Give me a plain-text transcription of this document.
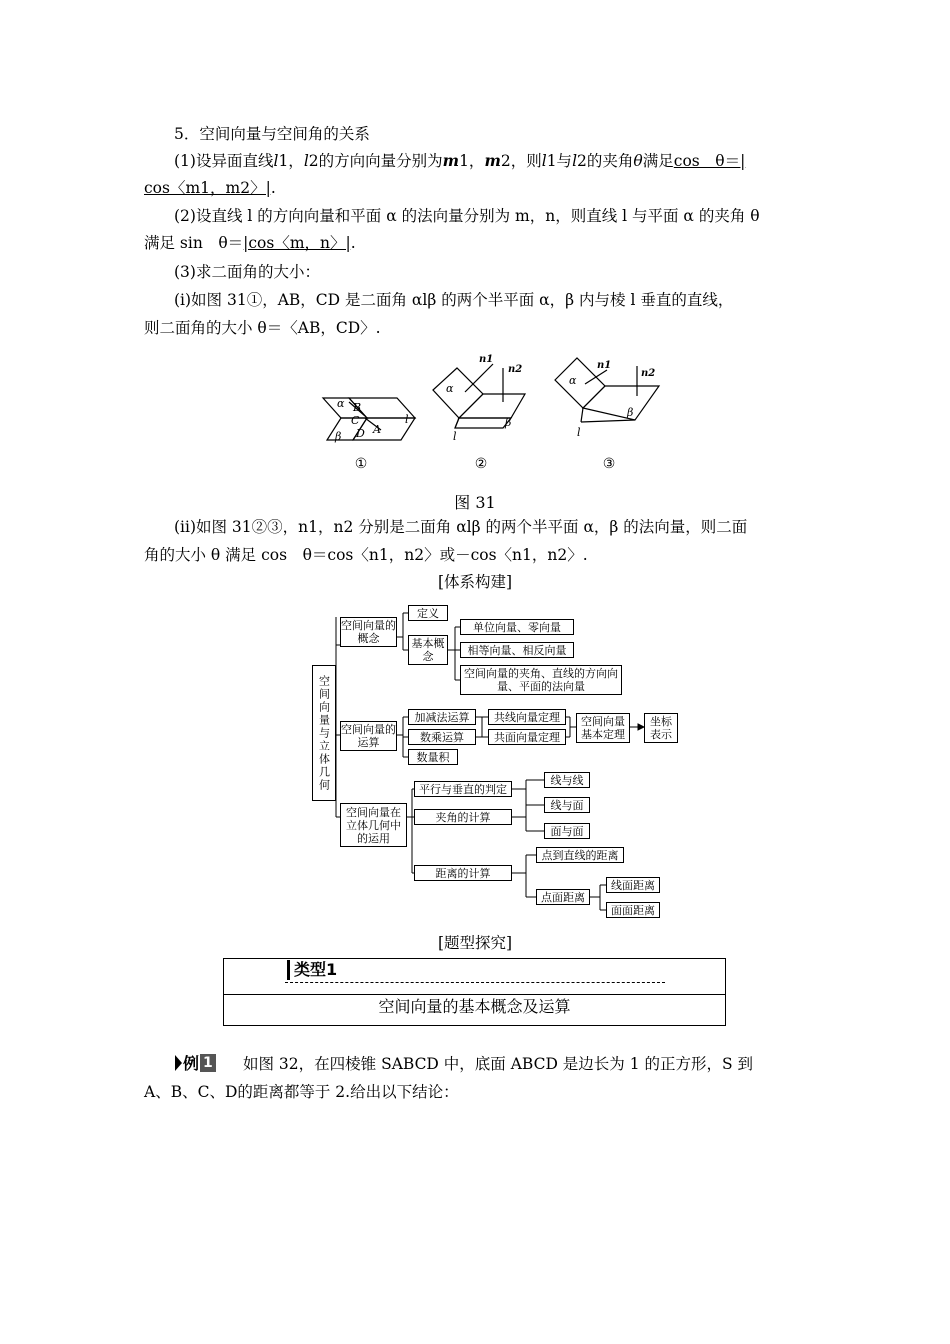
5．空间向量与空间角的关系
(1)设异面直线l1，l2的方向向量分别为m1，m2，则l1与l2的夹角θ满足cos　θ＝|
cos〈m1，m2〉|.
(2)设直线 l 的方向向量和平面 α 的法向量分别为 m，n，则直线 l 与平面 α 的夹角 θ
满足 sin　θ＝|cos〈m，n〉|.
(3)求二面角的大小：
(ⅰ)如图 31①，AB，CD 是二面角 αlβ 的两个半平面 α，β 内与棱 l 垂直的直线，
则二面角的大小 θ＝〈AB，CD〉.
α B
C
D A
β
l
n1
n2
α
β
l
n1
n2
α
β
l
①	②	③
图 31
(ⅱ)如图 31②③，n1，n2 分别是二面角 αlβ 的两个半平面 α，β 的法向量，则二面
角的大小 θ 满足 cos　θ＝cos〈n1，n2〉或－cos〈n1，n2〉.
[体系构建]
空间向量与立体几何
空间向量的概念
定义
基本概念
单位向量、零向量
相等向量、相反向量
空间向量的夹角、直线的方向向量、平面的法向量
空间向量的运算
加减法运算
数乘运算
数量积
共线向量定理
共面向量定理
空间向量基本定理
坐标表示
空间向量在立体几何中的运用
平行与垂直的判定
夹角的计算
线与线
线与面
面与面
距离的计算
点到直线的距离
点面距离
线面距离
面面距离
[题型探究]
类型1
空间向量的基本概念及运算
例 1 如图 32，在四棱锥 SABCD 中，底面 ABCD 是边长为 1 的正方形，S 到
A、B、C、D的距离都等于 2.给出以下结论：
